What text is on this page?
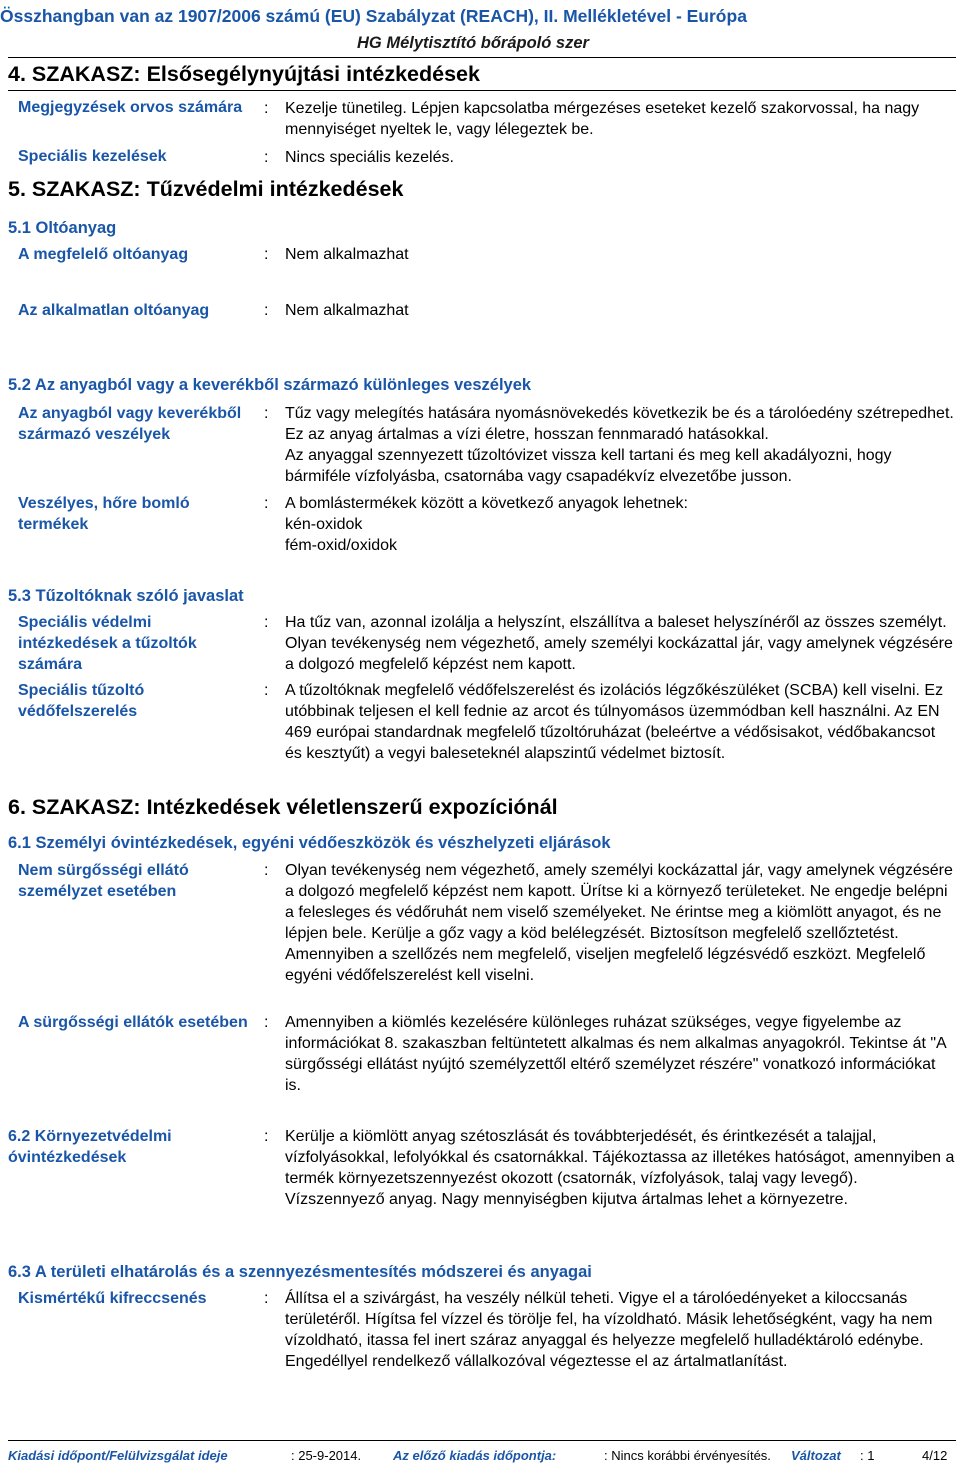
Összhangban van az 1907/2006 számú (EU) Szabályzat (REACH), II. Mellékletével - Európa
HG Mélytisztító bőrápoló szer
4. SZAKASZ: Elsősegélynyújtási intézkedések
Megjegyzések orvos számára	: Kezelje tünetileg. Lépjen kapcsolatba mérgezéses eseteket kezelő szakorvossal, ha nagy mennyiséget nyeltek le, vagy lélegeztek be.
Speciális kezelések	: Nincs speciális kezelés.
5. SZAKASZ: Tűzvédelmi intézkedések
5.1 Oltóanyag
A megfelelő oltóanyag	: Nem alkalmazhat
Az alkalmatlan oltóanyag	: Nem alkalmazhat
5.2 Az anyagból vagy a keverékből származó különleges veszélyek
Az anyagból vagy keverékből származó veszélyek
: Tűz vagy melegítés hatására nyomásnövekedés következik be és a tárolóedény szétrepedhet. Ez az anyag ártalmas a vízi életre, hosszan fennmaradó hatásokkal.
Az anyaggal szennyezett tűzoltóvizet vissza kell tartani és meg kell akadályozni, hogy bármiféle vízfolyásba, csatornába vagy csapadékvíz elvezetőbe jusson.
Veszélyes, hőre bomló termékek
: A bomlástermékek között a következő anyagok lehetnek:
kén-oxidok
fém-oxid/oxidok
5.3 Tűzoltóknak szóló javaslat
Speciális védelmi intézkedések a tűzoltók számára
: Ha tűz van, azonnal izolálja a helyszínt, elszállítva a baleset helyszínéről az összes személyt. Olyan tevékenység nem végezhető, amely személyi kockázattal jár, vagy amelynek végzésére a dolgozó megfelelő képzést nem kapott.
Speciális tűzoltó védőfelszerelés
: A tűzoltóknak megfelelő védőfelszerelést és izolációs légzőkészüléket (SCBA) kell viselni. Ez utóbbinak teljesen el kell fednie az arcot és túlnyomásos üzemmódban kell használni. Az EN 469 európai standardnak megfelelő tűzoltóruházat (beleértve a védősisakot, védőbakancsot és kesztyűt) a vegyi baleseteknél alapszintű védelmet biztosít.
6. SZAKASZ: Intézkedések véletlenszerű expozíciónál
6.1 Személyi óvintézkedések, egyéni védőeszközök és vészhelyzeti eljárások
Nem sürgősségi ellátó személyzet esetében
: Olyan tevékenység nem végezhető, amely személyi kockázattal jár, vagy amelynek végzésére a dolgozó megfelelő képzést nem kapott. Ürítse ki a környező területeket. Ne engedje belépni a felesleges és védőruhát nem viselő személyeket. Ne érintse meg a kiömlött anyagot, és ne lépjen bele. Kerülje a gőz vagy a köd belélegzését. Biztosítson megfelelő szellőztetést. Amennyiben a szellőzés nem megfelelő, viseljen megfelelő légzésvédő eszközt. Megfelelő egyéni védőfelszerelést kell viselni.
A sürgősségi ellátók esetében : Amennyiben a kiömlés kezelésére különleges ruházat szükséges, vegye figyelembe az információkat 8. szakaszban feltüntetett alkalmas és nem alkalmas anyagokról. Tekintse át "A sürgősségi ellátást nyújtó személyzettől eltérő személyzet részére" vonatkozó információkat is.
6.2 Környezetvédelmi óvintézkedések
: Kerülje a kiömlött anyag szétoszlását és továbbterjedését, és érintkezését a talajjal, vízfolyásokkal, lefolyókkal és csatornákkal. Tájékoztassa az illetékes hatóságot, amennyiben a termék környezetszennyezést okozott (csatornák, vízfolyások, talaj vagy levegő). Vízszennyező anyag. Nagy mennyiségben kijutva ártalmas lehet a környezetre.
6.3 A területi elhatárolás és a szennyezésmentesítés módszerei és anyagai
Kismértékű kifreccsenés	: Állítsa el a szivárgást, ha veszély nélkül teheti. Vigye el a tárolóedényeket a kiloccsanás területéről. Hígítsa fel vízzel és törölje fel, ha vízoldható. Másik lehetőségként, vagy ha nem vízoldható, itassa fel inert száraz anyaggal és helyezze megfelelő hulladéktároló edénybe. Engedéllyel rendelkező vállalkozóval végeztesse el az ártalmatlanítást.
Kiadási időpont/Felülvizsgálat ideje	: 25-9-2014. Az előző kiadás időpontja:	: Nincs korábbi érvényesítés. Változat : 1	4/12
